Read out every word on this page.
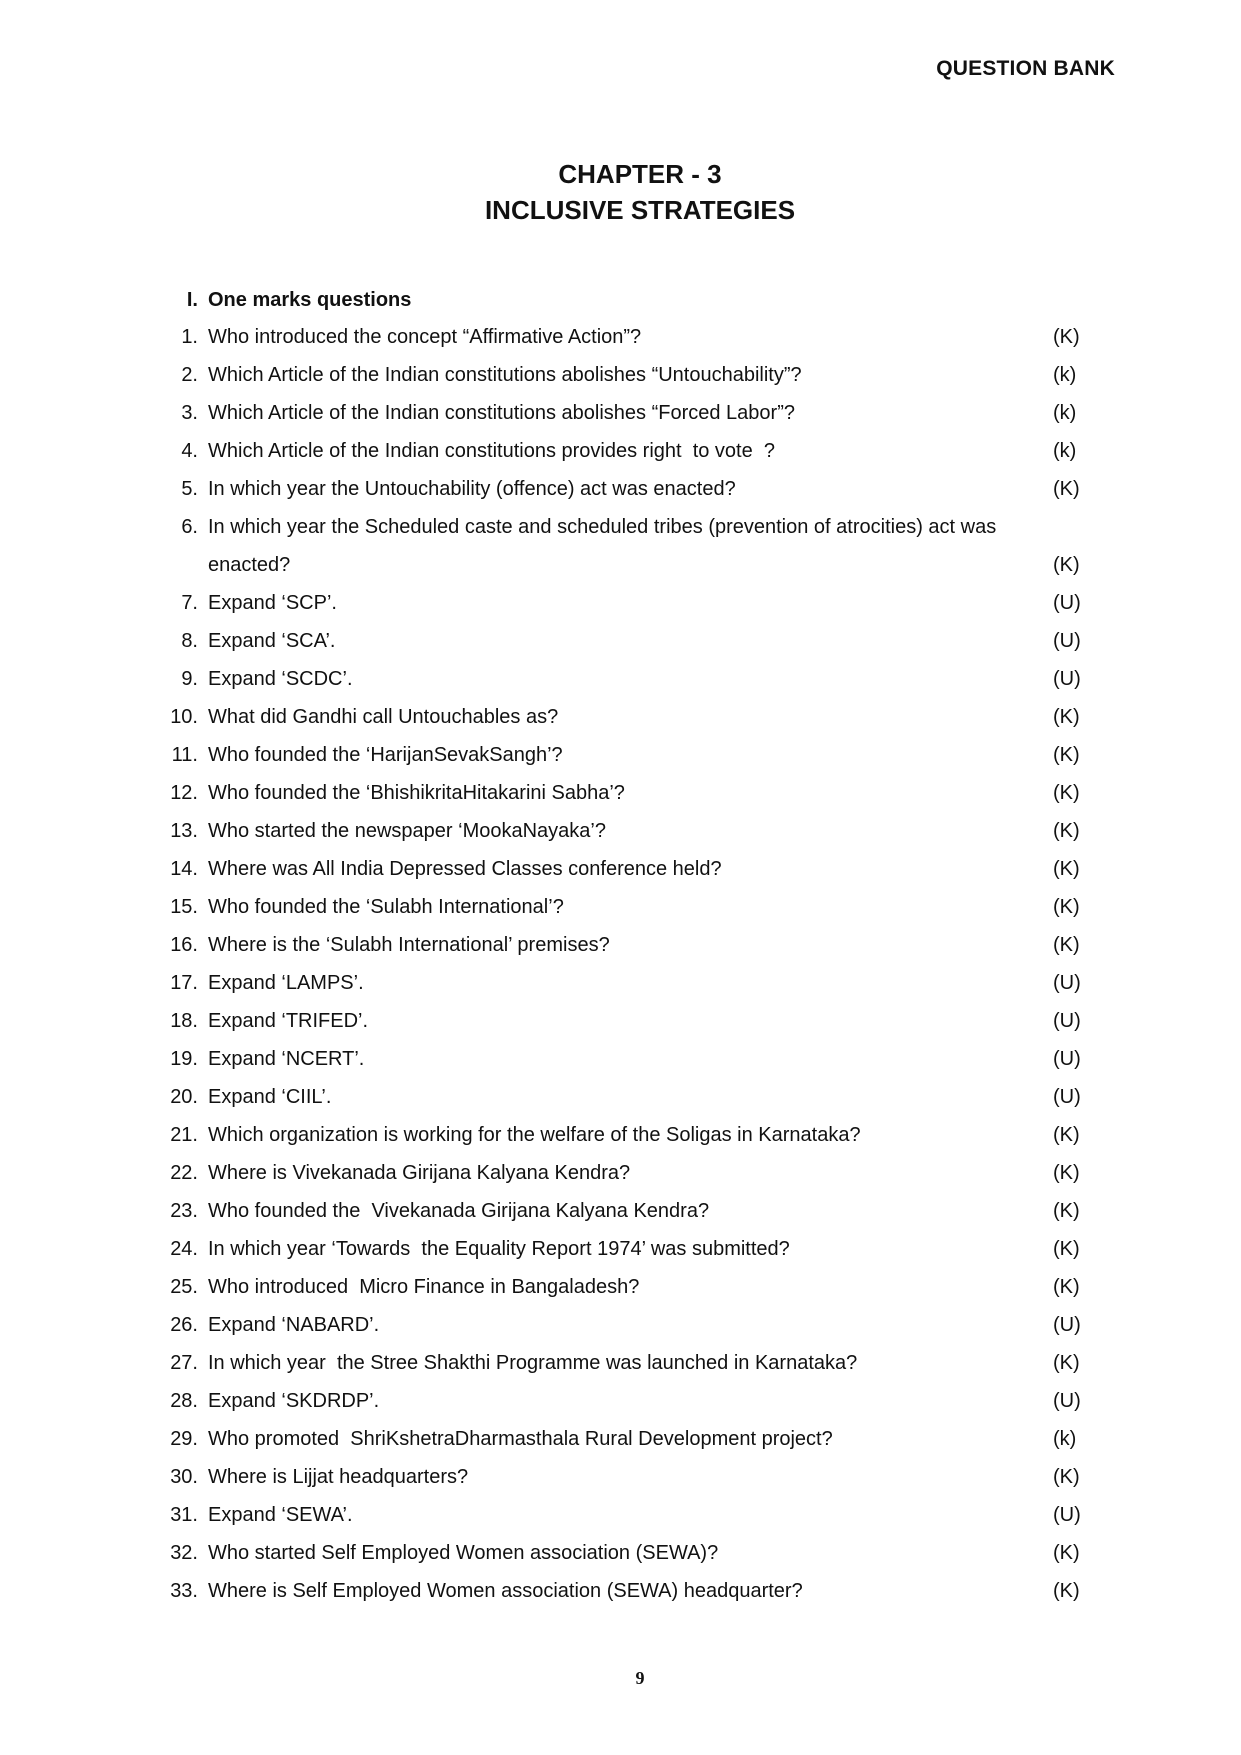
QUESTION BANK
CHAPTER - 3
INCLUSIVE STRATEGIES
I. One marks questions
1. Who introduced the concept “Affirmative Action”?	(K)
2. Which Article of the Indian constitutions abolishes “Untouchability”?	(k)
3. Which Article of the Indian constitutions abolishes “Forced Labor”?	(k)
4. Which Article of the Indian constitutions provides right  to vote  ?	(k)
5. In which year the Untouchability (offence) act was enacted?	(K)
6. In which year the Scheduled caste and scheduled tribes (prevention of atrocities) act was enacted?	(K)
7. Expand ‘SCP’.	(U)
8. Expand ‘SCA’.	(U)
9. Expand ‘SCDC’.	(U)
10. What did Gandhi call Untouchables as?	(K)
11. Who founded the ‘HarijanSevakSangh’?	(K)
12. Who founded the ‘BhishikritaHitakarini Sabha’?	(K)
13. Who started the newspaper ‘MookaNayaka’?	(K)
14. Where was All India Depressed Classes conference held?	(K)
15. Who founded the ‘Sulabh International’?	(K)
16. Where is the ‘Sulabh International’ premises?	(K)
17. Expand ‘LAMPS’.	(U)
18. Expand ‘TRIFED’.	(U)
19. Expand ‘NCERT’.	(U)
20. Expand ‘CIIL’.	(U)
21. Which organization is working for the welfare of the Soligas in Karnataka?	(K)
22. Where is Vivekanada Girijana Kalyana Kendra?	(K)
23. Who founded the  Vivekanada Girijana Kalyana Kendra?	(K)
24. In which year ‘Towards  the Equality Report 1974’ was submitted?	(K)
25. Who introduced  Micro Finance in Bangaladesh?	(K)
26. Expand ‘NABARD’.	(U)
27. In which year  the Stree Shakthi Programme was launched in Karnataka?	(K)
28. Expand ‘SKDRDP’.	(U)
29. Who promoted  ShriKshetraDharmasthala Rural Development project?	(k)
30. Where is Lijjat headquarters?	(K)
31. Expand ‘SEWA’.	(U)
32. Who started Self Employed Women association (SEWA)?	(K)
33. Where is Self Employed Women association (SEWA) headquarter?	(K)
9
